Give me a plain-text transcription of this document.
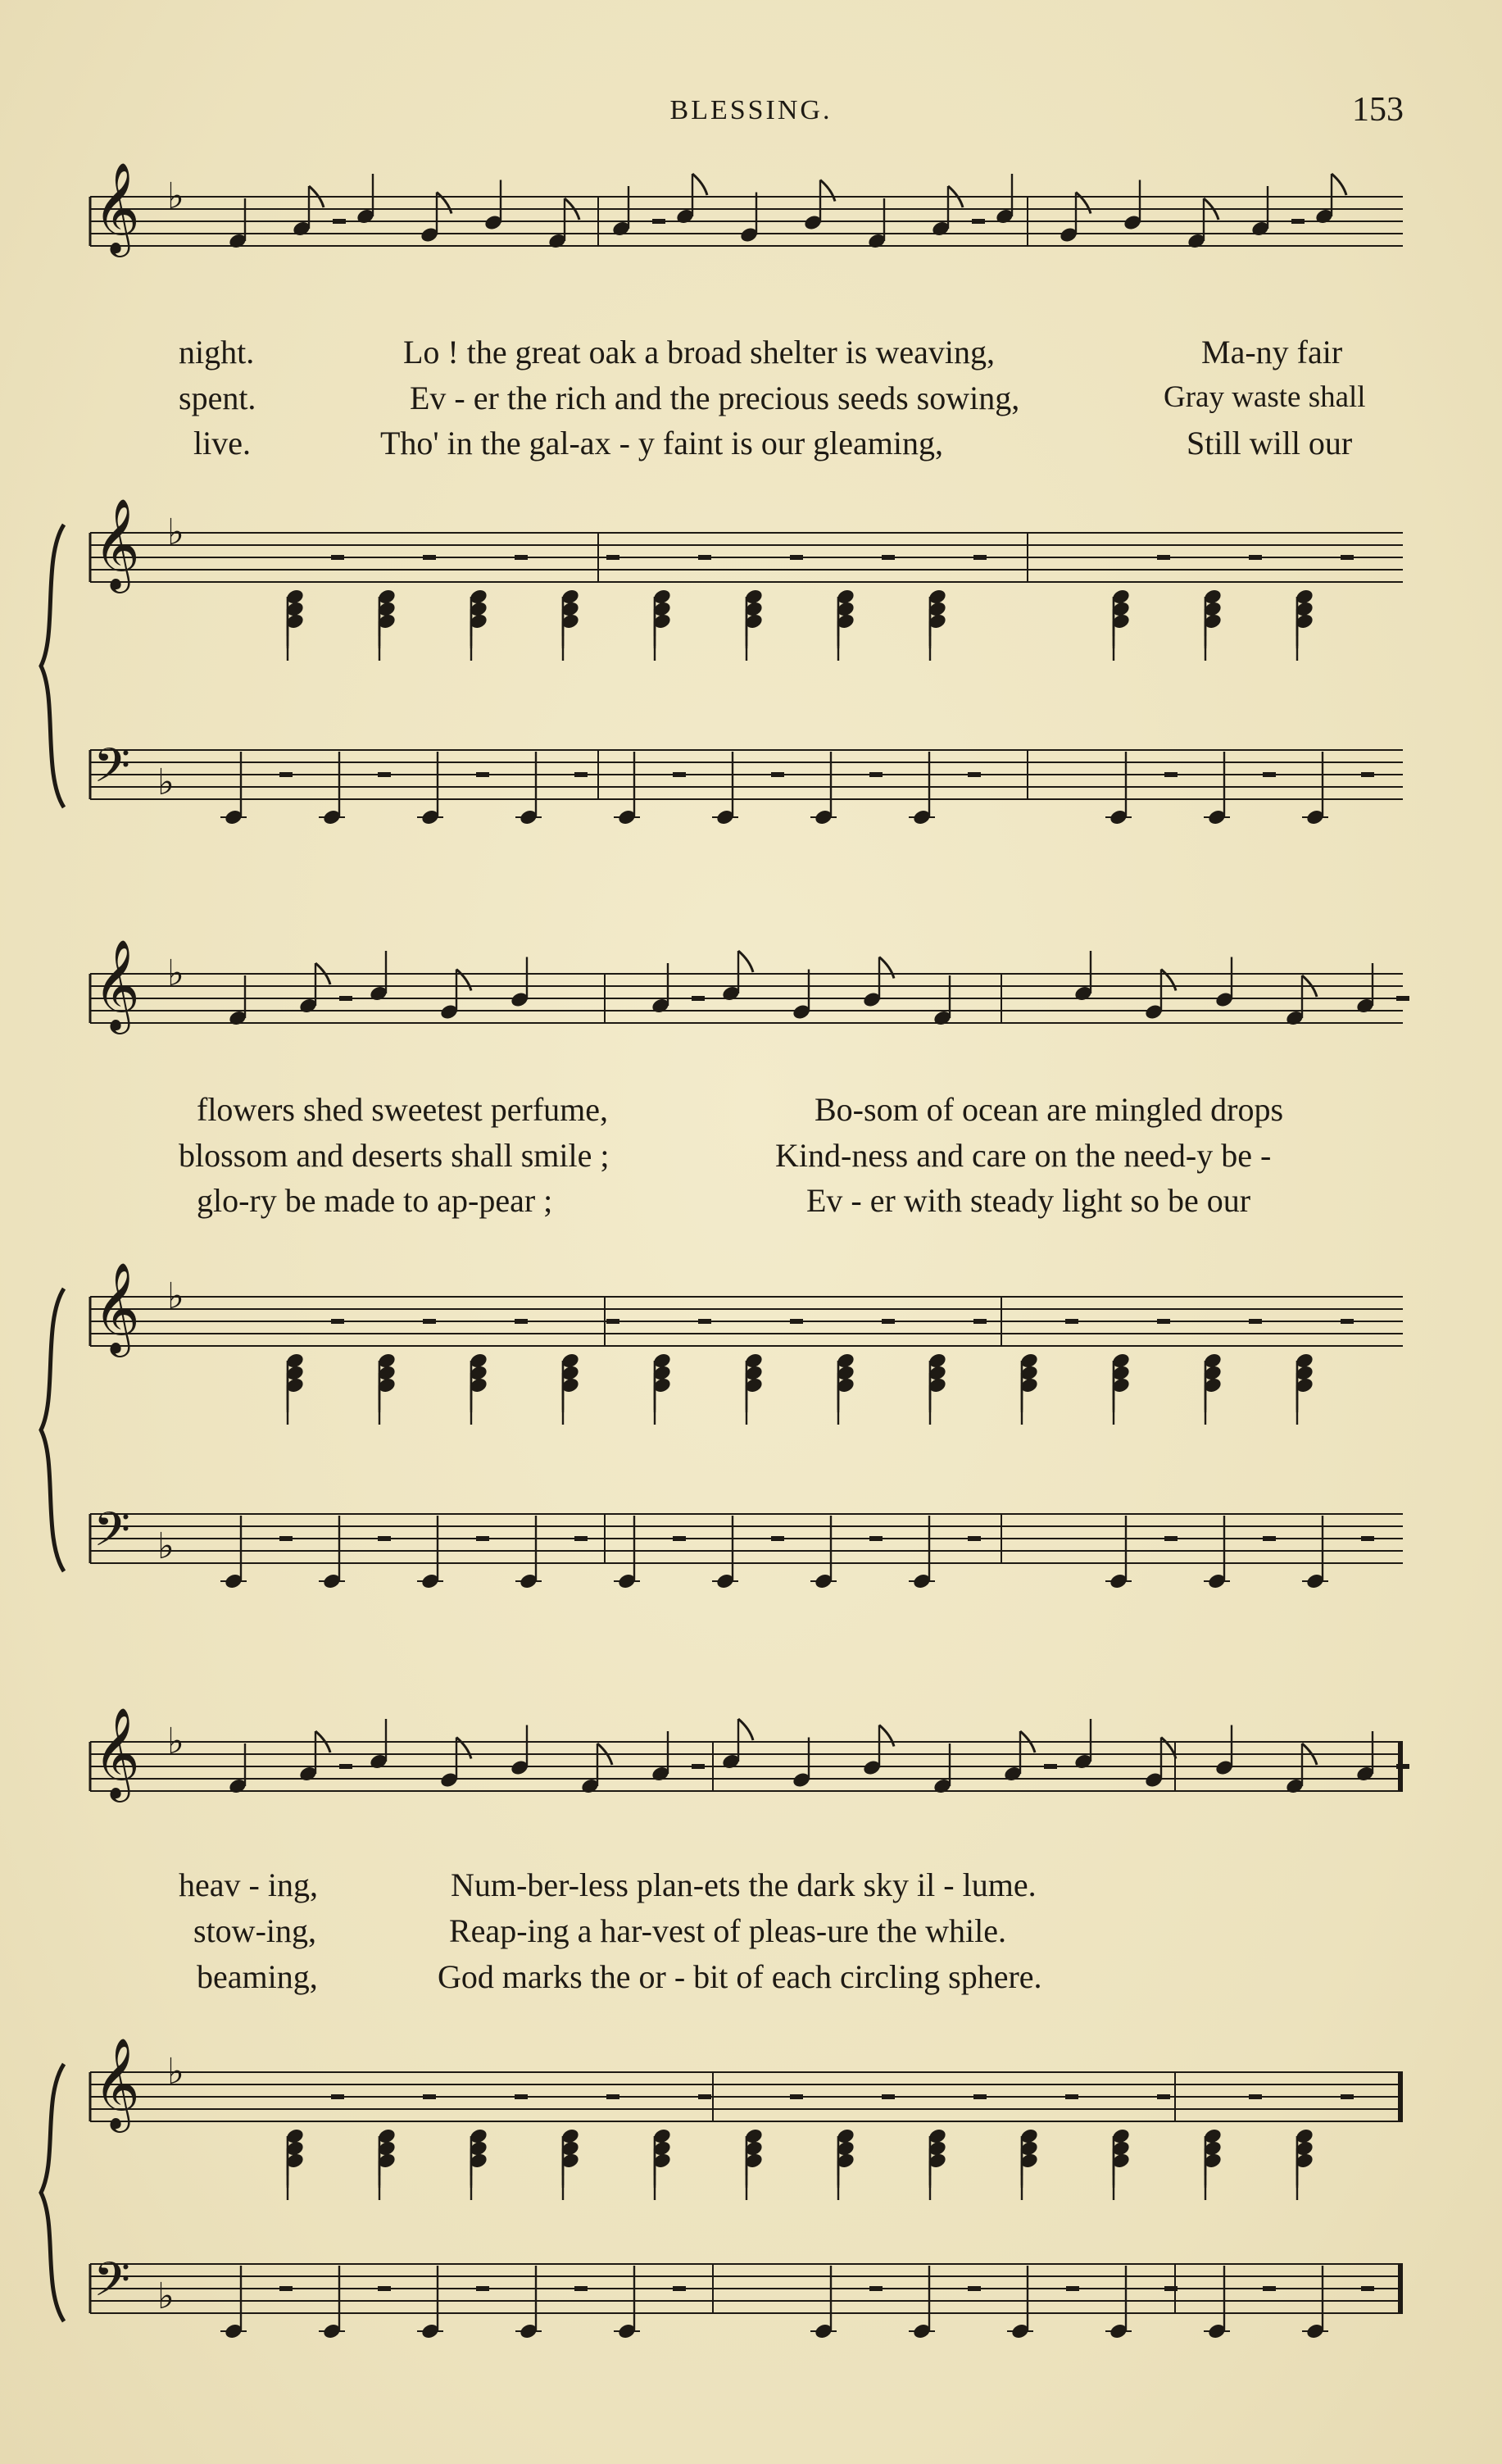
BLESSING.	153
𝄞 ♭
𝄞 ♭
𝄢 ♭
𝄞 ♭
𝄞 ♭
𝄢 ♭
𝄞 ♭
𝄞 ♭
𝄢 ♭
night.	Lo ! the great oak a broad shelter is weaving,	Ma-ny fair
spent.	Ev - er the rich and the precious seeds sowing,	Gray waste shall
live.	Tho' in the gal-ax - y faint is our gleaming,	Still will our
flowers shed sweetest perfume,	Bo-som of ocean are mingled drops
blossom and deserts shall smile ;	Kind-ness and care on the need-y be -
glo-ry be made to ap-pear ;	Ev - er with steady light so be our
heav - ing,	Num-ber-less plan-ets the dark sky il - lume.
stow-ing,	Reap-ing a har-vest of pleas-ure the while.
beaming,	God marks the or - bit of each circling sphere.
